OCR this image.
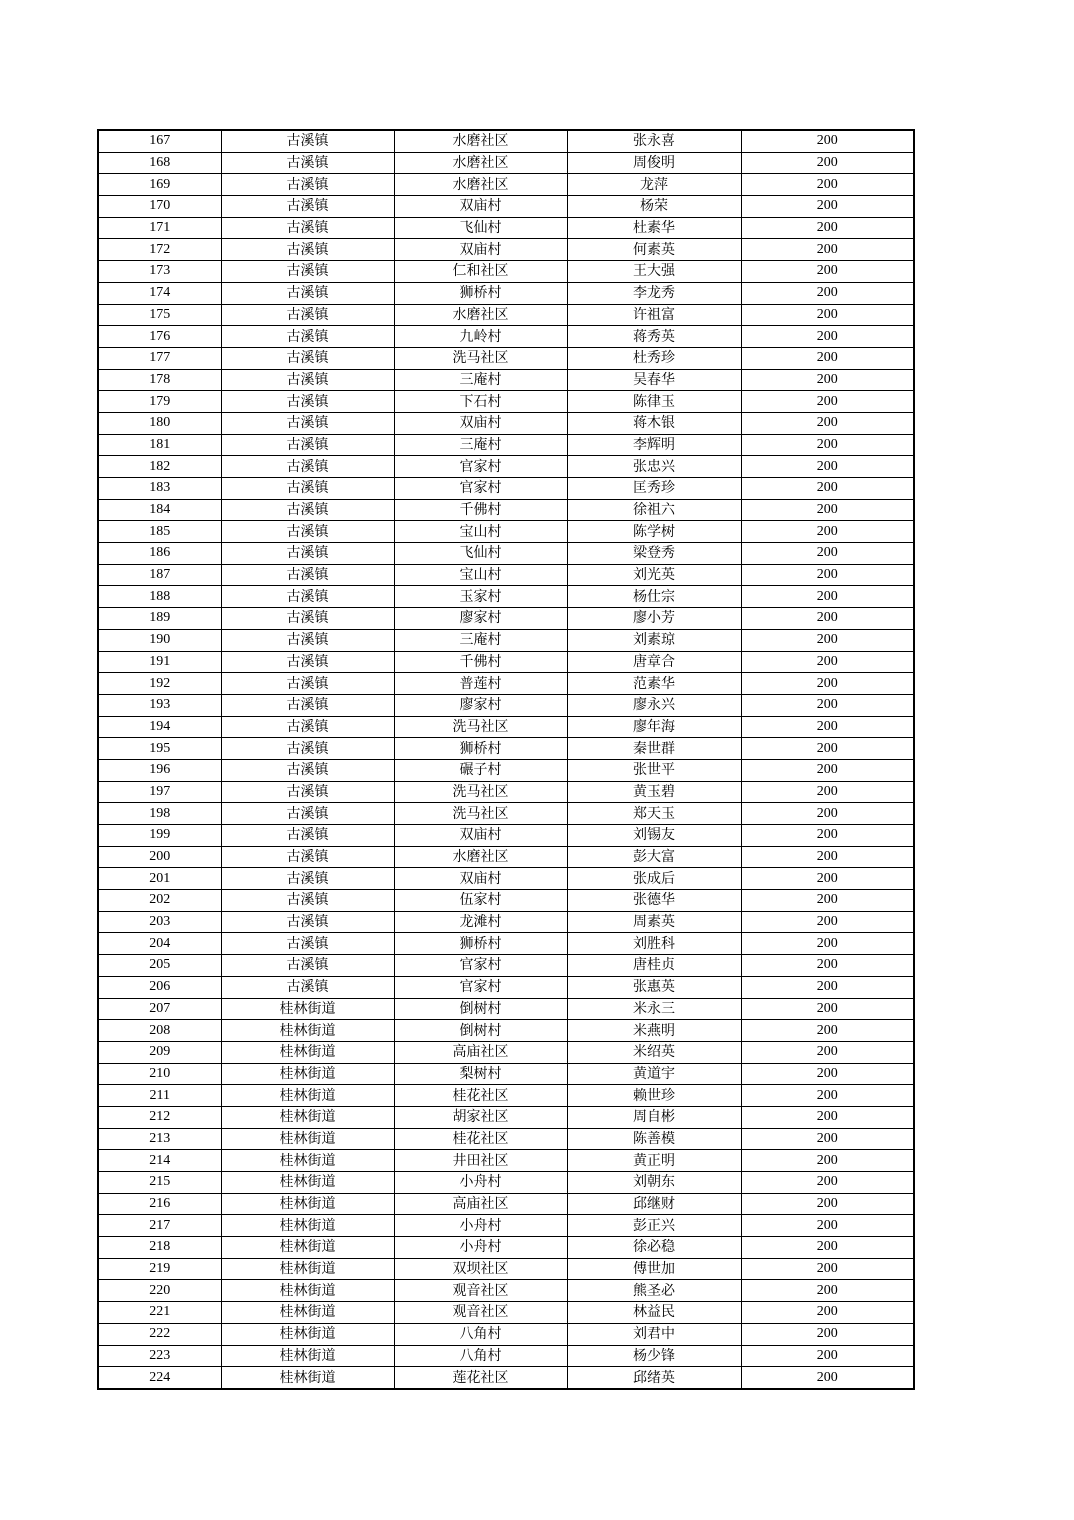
167	古溪镇	水磨社区	张永喜	200
168	古溪镇	水磨社区	周俊明	200
169	古溪镇	水磨社区	龙萍	200
170	古溪镇	双庙村	杨荣	200
171	古溪镇	飞仙村	杜素华	200
172	古溪镇	双庙村	何素英	200
173	古溪镇	仁和社区	王大强	200
174	古溪镇	狮桥村	李龙秀	200
175	古溪镇	水磨社区	许祖富	200
176	古溪镇	九岭村	蒋秀英	200
177	古溪镇	洗马社区	杜秀珍	200
178	古溪镇	三庵村	吴春华	200
179	古溪镇	下石村	陈律玉	200
180	古溪镇	双庙村	蒋木银	200
181	古溪镇	三庵村	李辉明	200
182	古溪镇	官家村	张忠兴	200
183	古溪镇	官家村	匡秀珍	200
184	古溪镇	千佛村	徐祖六	200
185	古溪镇	宝山村	陈学树	200
186	古溪镇	飞仙村	梁登秀	200
187	古溪镇	宝山村	刘光英	200
188	古溪镇	玉家村	杨仕宗	200
189	古溪镇	廖家村	廖小芳	200
190	古溪镇	三庵村	刘素琼	200
191	古溪镇	千佛村	唐章合	200
192	古溪镇	普莲村	范素华	200
193	古溪镇	廖家村	廖永兴	200
194	古溪镇	洗马社区	廖年海	200
195	古溪镇	狮桥村	秦世群	200
196	古溪镇	碾子村	张世平	200
197	古溪镇	洗马社区	黄玉碧	200
198	古溪镇	洗马社区	郑天玉	200
199	古溪镇	双庙村	刘锡友	200
200	古溪镇	水磨社区	彭大富	200
201	古溪镇	双庙村	张成后	200
202	古溪镇	伍家村	张德华	200
203	古溪镇	龙滩村	周素英	200
204	古溪镇	狮桥村	刘胜科	200
205	古溪镇	官家村	唐桂贞	200
206	古溪镇	官家村	张惠英	200
207	桂林街道	倒树村	米永三	200
208	桂林街道	倒树村	米燕明	200
209	桂林街道	高庙社区	米绍英	200
210	桂林街道	梨树村	黄道宇	200
211	桂林街道	桂花社区	赖世珍	200
212	桂林街道	胡家社区	周自彬	200
213	桂林街道	桂花社区	陈善模	200
214	桂林街道	井田社区	黄正明	200
215	桂林街道	小舟村	刘朝东	200
216	桂林街道	高庙社区	邱继财	200
217	桂林街道	小舟村	彭正兴	200
218	桂林街道	小舟村	徐必稳	200
219	桂林街道	双坝社区	傅世加	200
220	桂林街道	观音社区	熊圣必	200
221	桂林街道	观音社区	林益民	200
222	桂林街道	八角村	刘君中	200
223	桂林街道	八角村	杨少锋	200
224	桂林街道	莲花社区	邱绪英	200
